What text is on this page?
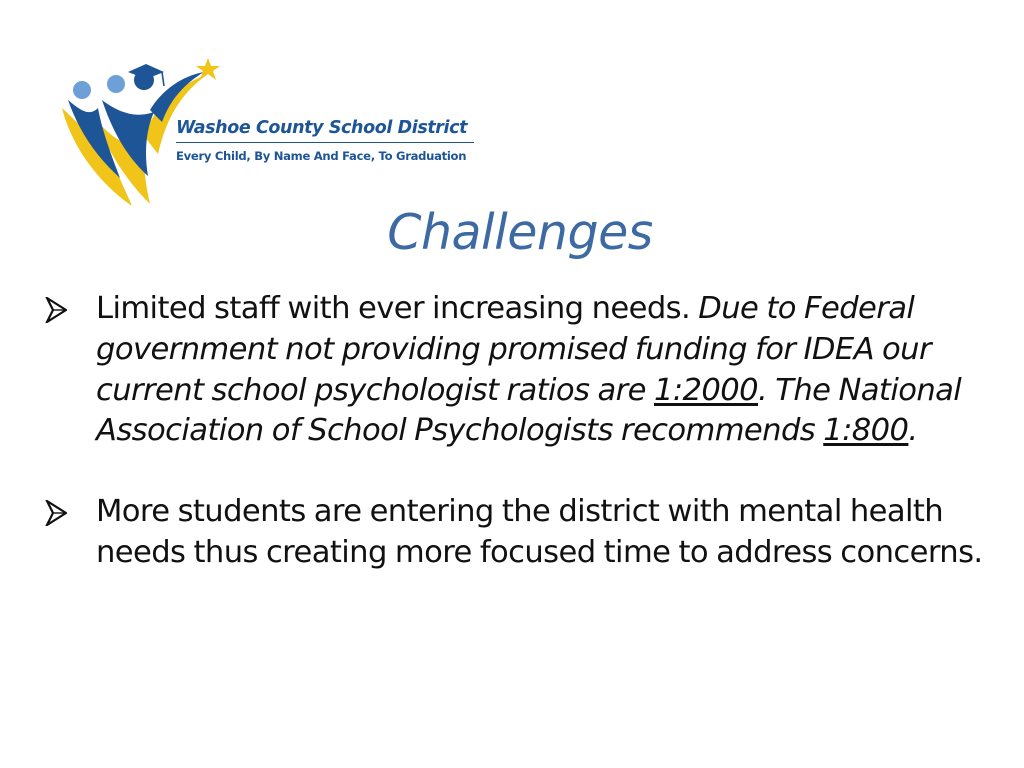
Washoe County School District
Every Child, By Name And Face, To Graduation
Challenges
Limited staff with ever increasing needs. Due to Federal government not providing promised funding for IDEA our current school psychologist ratios are 1:2000. The National Association of School Psychologists recommends 1:800.
More students are entering the district with mental health needs thus creating more focused time to address concerns.
